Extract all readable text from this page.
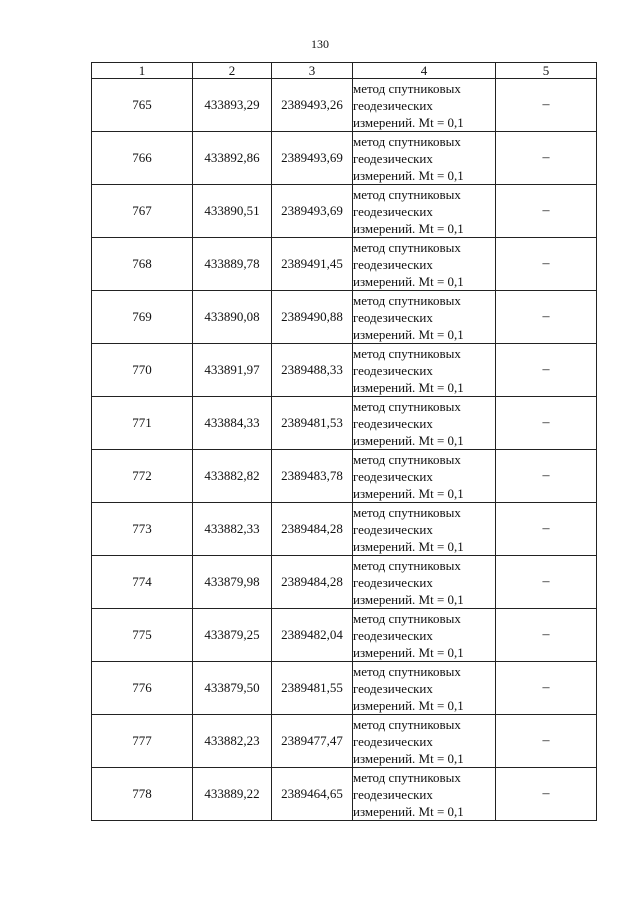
130
1	2	3	4	5
765	433893,29	2389493,26	метод спутниковых
геодезических
измерений. Mt = 0,1	–
766	433892,86	2389493,69	метод спутниковых
геодезических
измерений. Mt = 0,1	–
767	433890,51	2389493,69	метод спутниковых
геодезических
измерений. Mt = 0,1	–
768	433889,78	2389491,45	метод спутниковых
геодезических
измерений. Mt = 0,1	–
769	433890,08	2389490,88	метод спутниковых
геодезических
измерений. Mt = 0,1	–
770	433891,97	2389488,33	метод спутниковых
геодезических
измерений. Mt = 0,1	–
771	433884,33	2389481,53	метод спутниковых
геодезических
измерений. Mt = 0,1	–
772	433882,82	2389483,78	метод спутниковых
геодезических
измерений. Mt = 0,1	–
773	433882,33	2389484,28	метод спутниковых
геодезических
измерений. Mt = 0,1	–
774	433879,98	2389484,28	метод спутниковых
геодезических
измерений. Mt = 0,1	–
775	433879,25	2389482,04	метод спутниковых
геодезических
измерений. Mt = 0,1	–
776	433879,50	2389481,55	метод спутниковых
геодезических
измерений. Mt = 0,1	–
777	433882,23	2389477,47	метод спутниковых
геодезических
измерений. Mt = 0,1	–
778	433889,22	2389464,65	метод спутниковых
геодезических
измерений. Mt = 0,1	–
